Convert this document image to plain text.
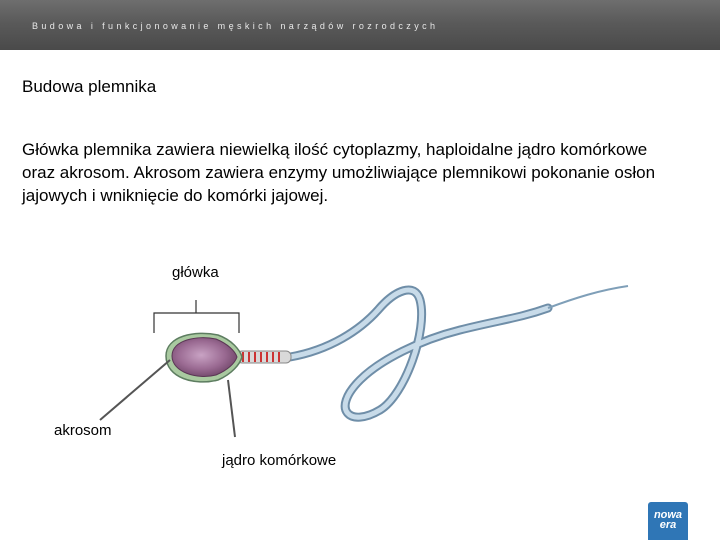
Budowa i funkcjonowanie męskich narządów rozrodczych
Budowa plemnika

Główka plemnika zawiera niewielką ilość cytoplazmy, haploidalne jądro komórkowe oraz akrosom. Akrosom zawiera enzymy umożliwiające plemnikowi pokonanie osłon jajowych i wniknięcie do komórki jajowej.

główka
akrosom
jądro komórkowe
nowa
era
